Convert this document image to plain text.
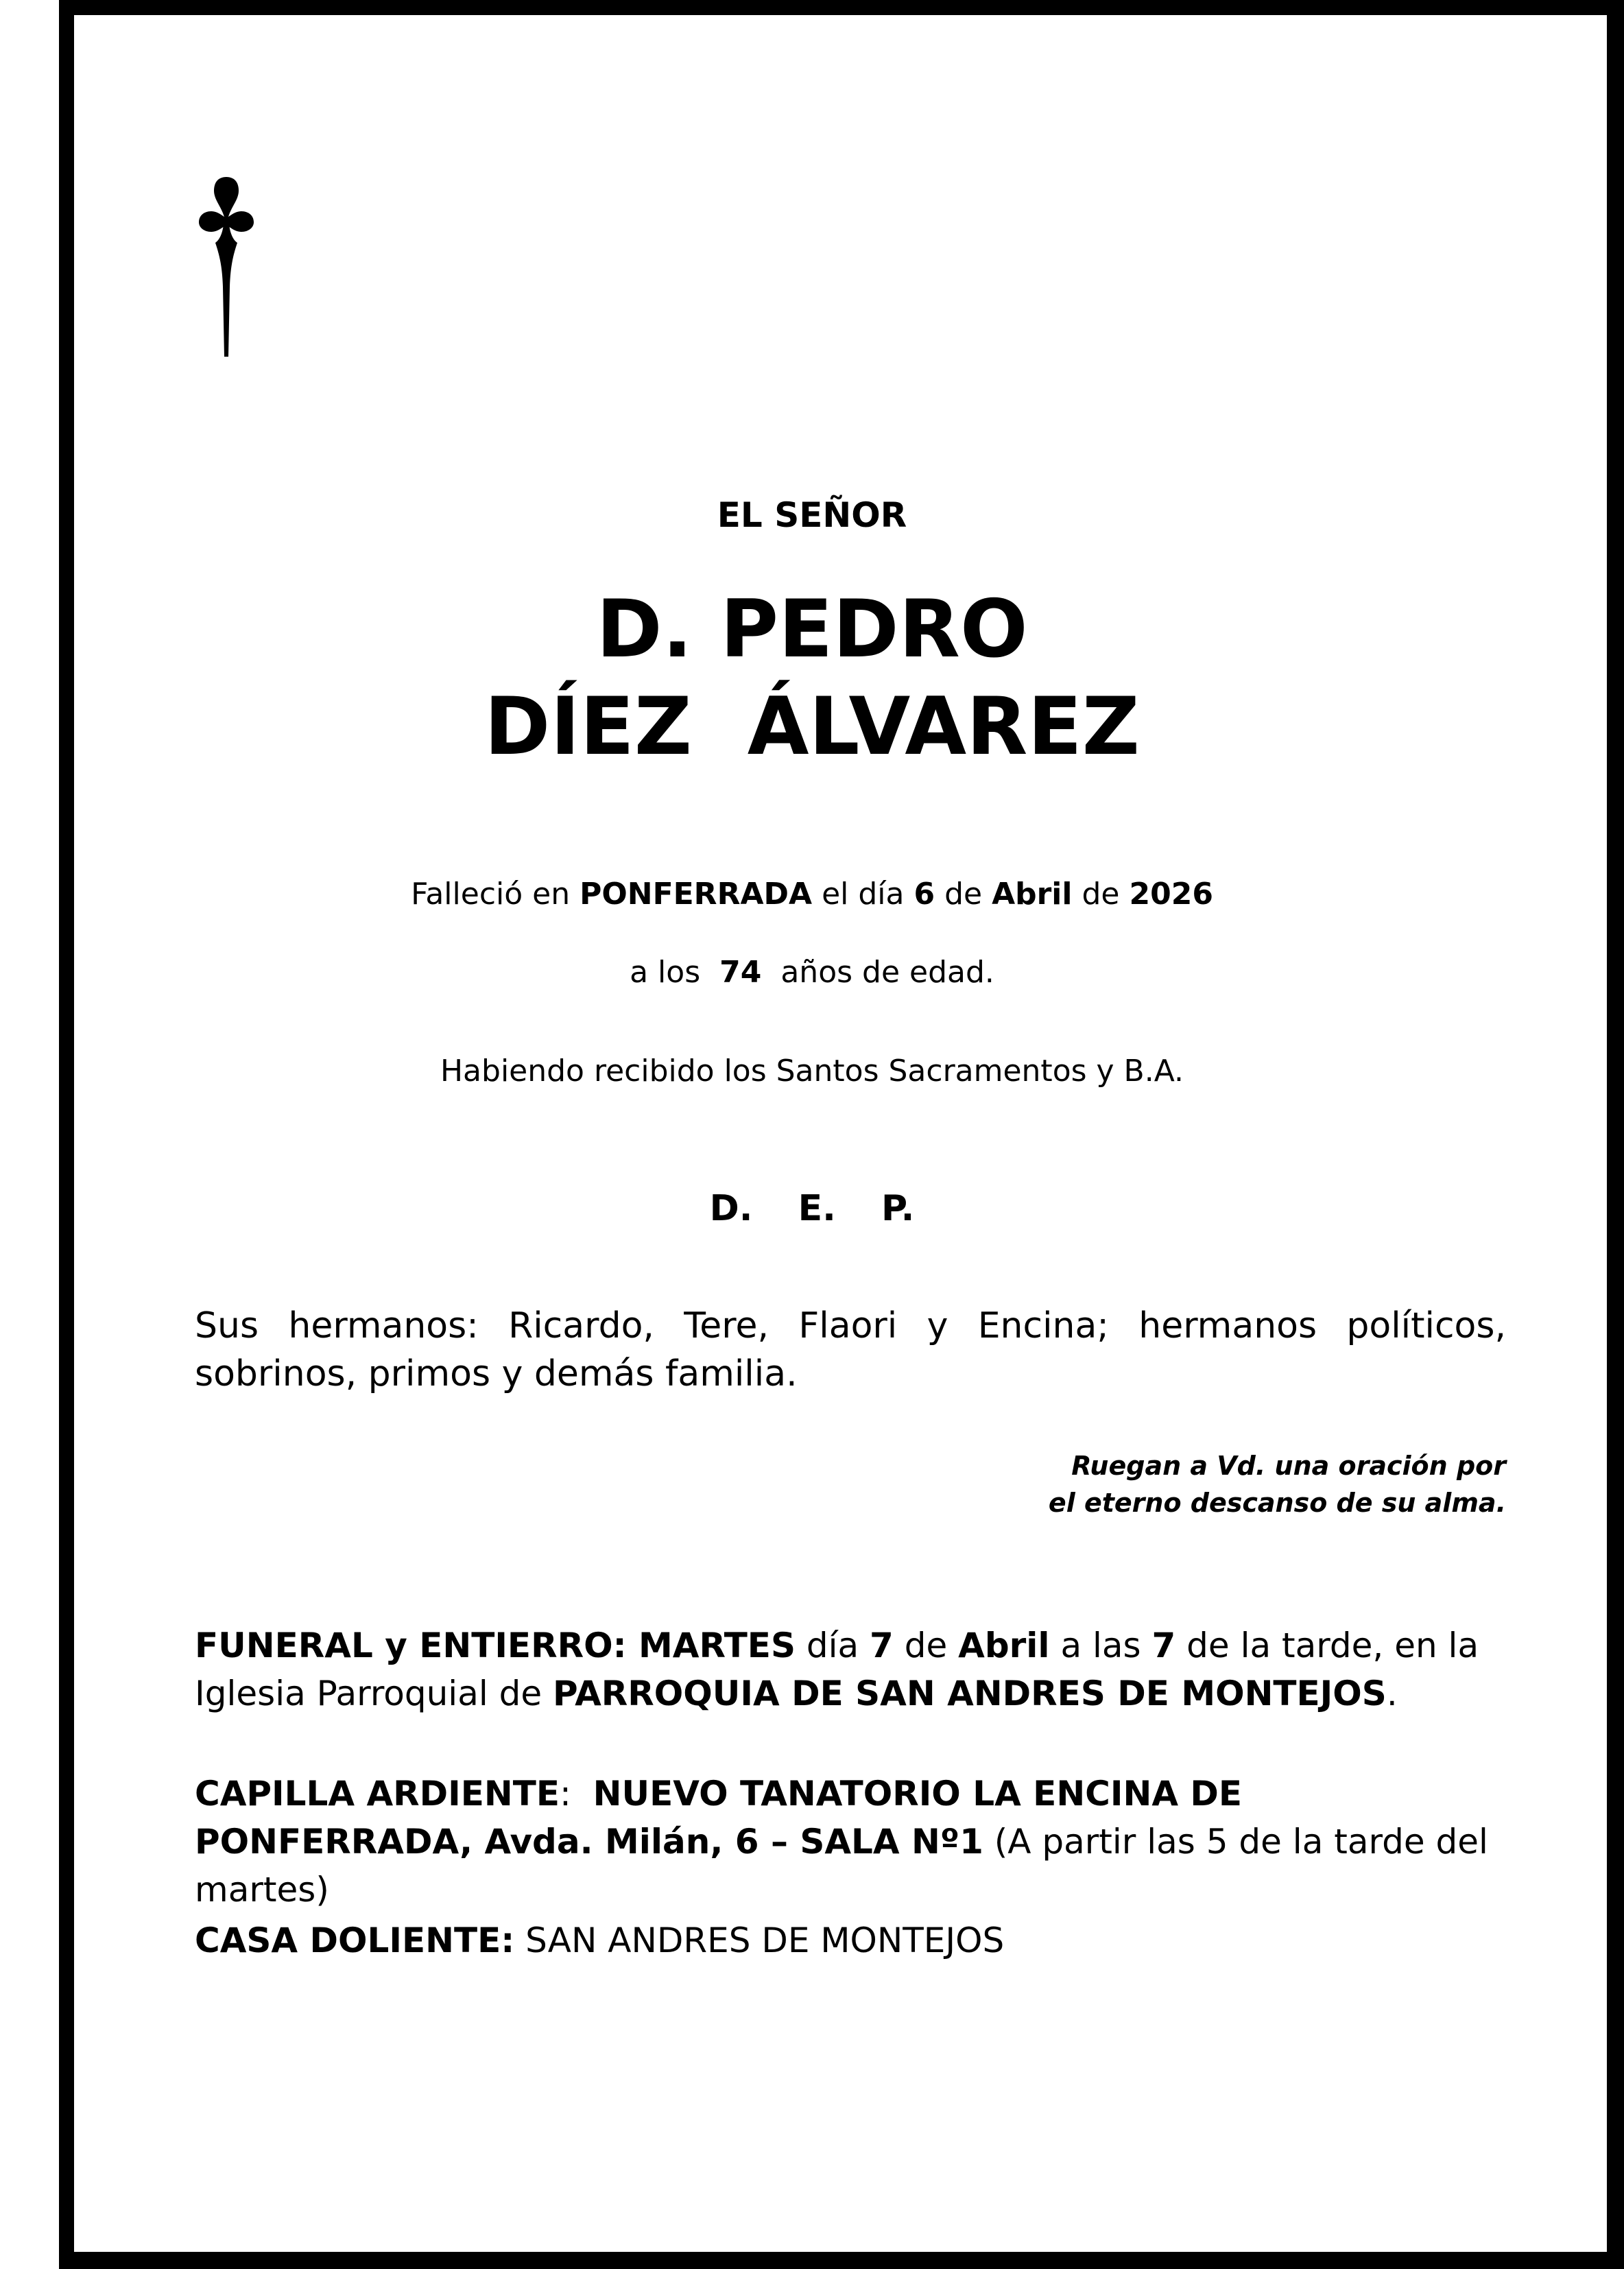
EL SEÑOR
D. PEDRO
DÍEZ  ÁLVAREZ
Falleció en PONFERRADA el día 6 de Abril de 2026
a los  74  años de edad.
Habiendo recibido los Santos Sacramentos y B.A.
D. E. P.
Sus hermanos: Ricardo, Tere, Flaori y Encina; hermanos políticos, sobrinos, primos y demás familia.
Ruegan a Vd. una oración por
el eterno descanso de su alma.
FUNERAL y ENTIERRO: MARTES día 7 de Abril a las 7 de la tarde, en la Iglesia Parroquial de PARROQUIA DE SAN ANDRES DE MONTEJOS.
CAPILLA ARDIENTE:  NUEVO TANATORIO LA ENCINA DE PONFERRADA, Avda. Milán, 6 – SALA Nº1 (A partir las 5 de la tarde del martes)
CASA DOLIENTE: SAN ANDRES DE MONTEJOS
